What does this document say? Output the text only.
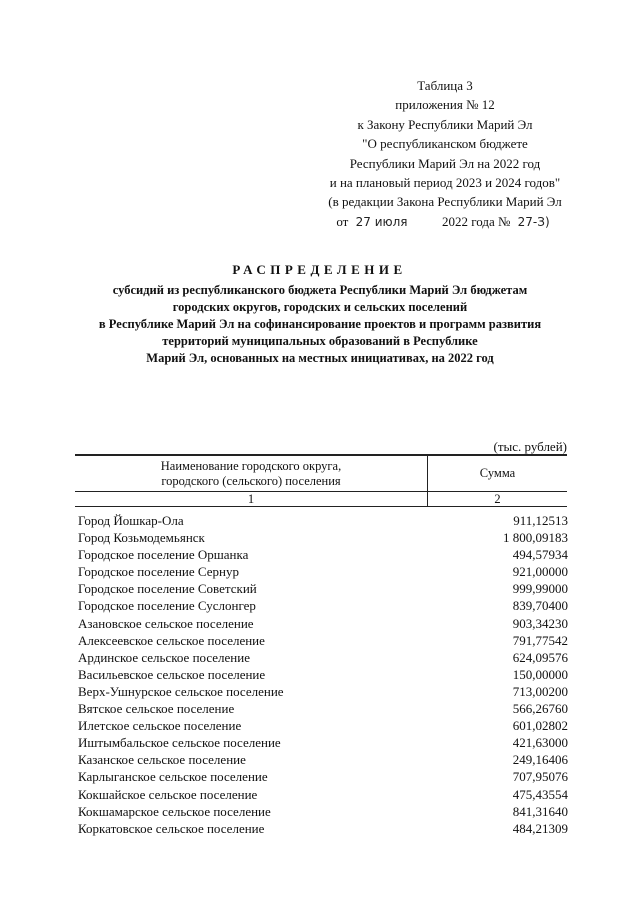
Таблица 3
приложения № 12
к Закону Республики Марий Эл
"О республиканском бюджете
Республики Марий Эл на 2022 год
и на плановый период 2023 и 2024 годов"
(в редакции Закона Республики Марий Эл
от 27 июля	2022 года № 27-З)
РАСПРЕДЕЛЕНИЕ
субсидий из республиканского бюджета Республики Марий Эл бюджетам
городских округов, городских и сельских поселений
в Республике Марий Эл на софинансирование проектов и программ развития
территорий муниципальных образований в Республике
Марий Эл, основанных на местных инициативах, на 2022 год
(тыс. рублей)
Наименование городского округа,
городского (сельского) поселения	Сумма
1	2
Город Йошкар-Ола	911,12513
Город Козьмодемьянск	1 800,09183
Городское поселение Оршанка	494,57934
Городское поселение Сернур	921,00000
Городское поселение Советский	999,99000
Городское поселение Суслонгер	839,70400
Азановское сельское поселение	903,34230
Алексеевское сельское поселение	791,77542
Ардинское сельское поселение	624,09576
Васильевское сельское поселение	150,00000
Верх-Ушнурское сельское поселение	713,00200
Вятское сельское поселение	566,26760
Илетское сельское поселение	601,02802
Иштымбальское сельское поселение	421,63000
Казанское сельское поселение	249,16406
Карлыганское сельское поселение	707,95076
Кокшайское сельское поселение	475,43554
Кокшамарское сельское поселение	841,31640
Коркатовское сельское поселение	484,21309
